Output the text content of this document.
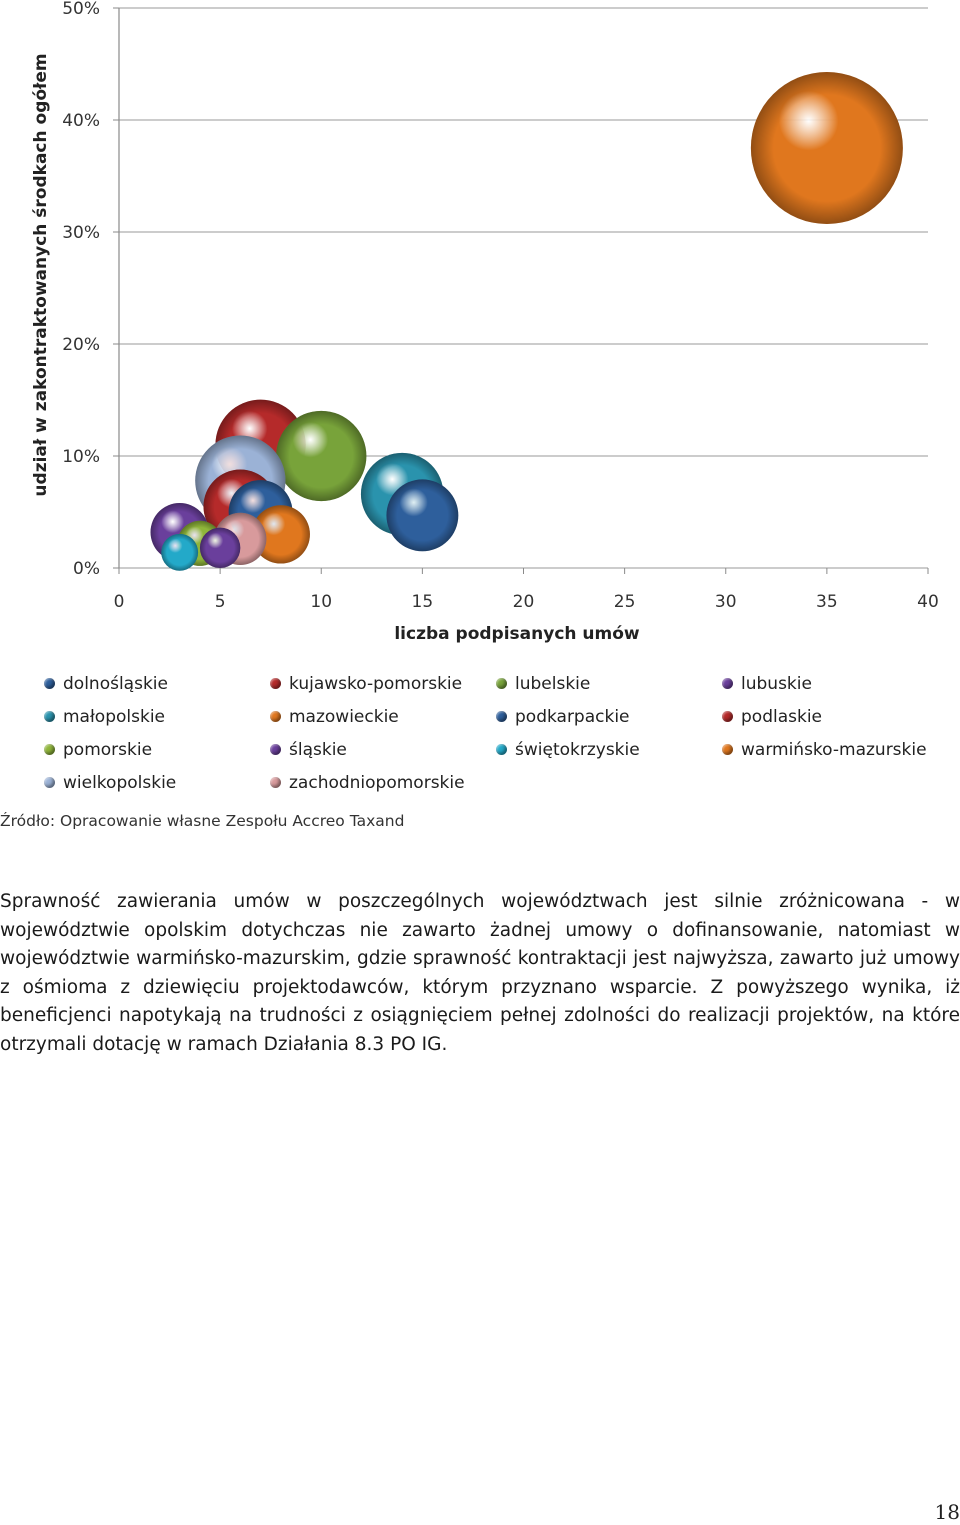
0%
10%
20%
30%
40%
50%
0	5	10	15	20	25	30	35	40
liczba podpisanych umów
udział w zakontraktowanych środkach ogółem
dolnośląskie	kujawsko-pomorskie	lubelskie	lubuskie
małopolskie	mazowieckie	podkarpackie	podlaskie
pomorskie	śląskie	świętokrzyskie	warmińsko-mazurskie
wielkopolskie	zachodniopomorskie
Źródło: Opracowanie własne Zespołu Accreo Taxand

Sprawność zawierania umów w poszczególnych województwach jest silnie zróżnicowana - w województwie opolskim dotychczas nie zawarto żadnej umowy o dofinansowanie, natomiast w województwie warmińsko-mazurskim, gdzie sprawność kontraktacji jest najwyższa, zawarto już umowy z ośmioma z dziewięciu projektodawców, którym przyznano wsparcie. Z powyższego wynika, iż beneficjenci napotykają na trudności z osiągnięciem pełnej zdolności do realizacji projektów, na które otrzymali dotację w ramach Działania 8.3 PO IG.

18
